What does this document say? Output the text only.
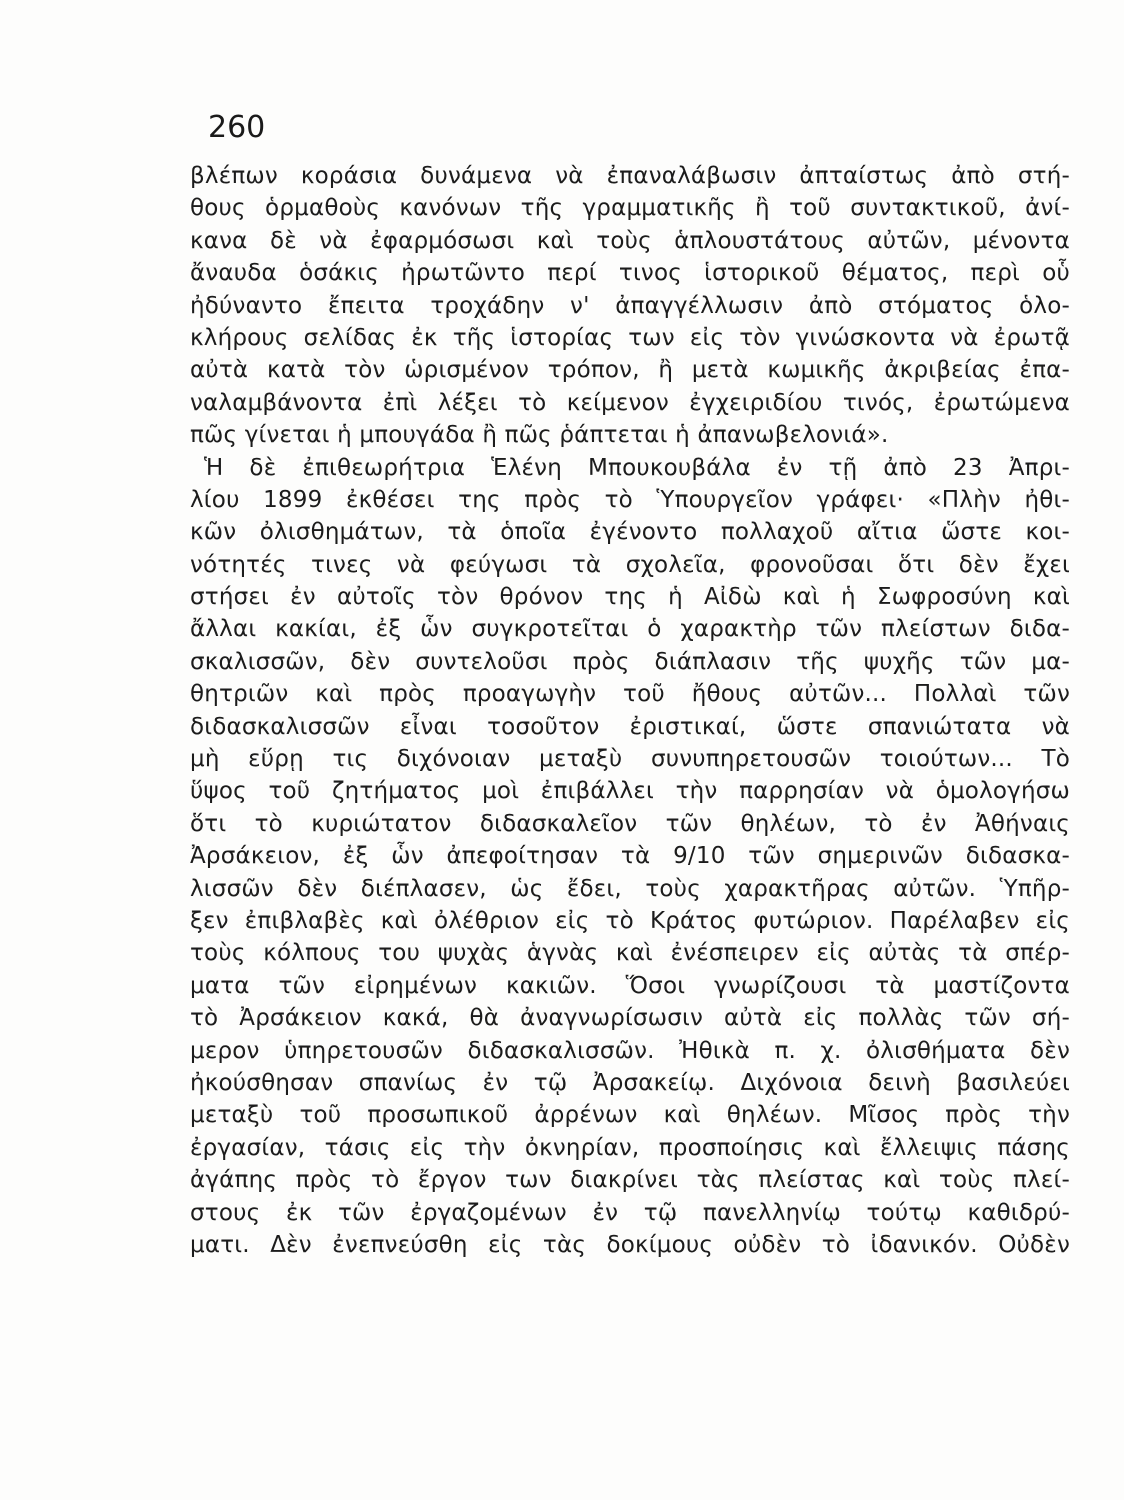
260
βλέπων κοράσια δυνάμενα νὰ ἐπαναλάβωσιν ἀπταίστως ἀπὸ στή-
θους ὁρμαθοὺς κανόνων τῆς γραμματικῆς ἢ τοῦ συντακτικοῦ, ἀνί-
κανα δὲ νὰ ἐφαρμόσωσι καὶ τοὺς ἁπλουστάτους αὐτῶν, μένοντα
ἄναυδα ὁσάκις ἠρωτῶντο περί τινος ἱστορικοῦ θέματος, περὶ οὗ
ἠδύναντο ἔπειτα τροχάδην ν' ἀπαγγέλλωσιν ἀπὸ στόματος ὁλο-
κλήρους σελίδας ἐκ τῆς ἱστορίας των εἰς τὸν γινώσκοντα νὰ ἐρωτᾷ
αὐτὰ κατὰ τὸν ὡρισμένον τρόπον, ἢ μετὰ κωμικῆς ἀκριβείας ἐπα-
ναλαμβάνοντα ἐπὶ λέξει τὸ κείμενον ἐγχειριδίου τινός, ἐρωτώμενα
πῶς γίνεται ἡ μπουγάδα ἢ πῶς ῥάπτεται ἡ ἀπανωβελονιά».
Ἡ δὲ ἐπιθεωρήτρια Ἑλένη Μπουκουβάλα ἐν τῇ ἀπὸ 23 Ἀπρι-
λίου 1899 ἐκθέσει της πρὸς τὸ Ὑπουργεῖον γράφει· «Πλὴν ἠθι-
κῶν ὀλισθημάτων, τὰ ὁποῖα ἐγένοντο πολλαχοῦ αἴτια ὥστε κοι-
νότητές τινες νὰ φεύγωσι τὰ σχολεῖα, φρονοῦσαι ὅτι δὲν ἔχει
στήσει ἐν αὐτοῖς τὸν θρόνον της ἡ Αἰδὼ καὶ ἡ Σωφροσύνη καὶ
ἄλλαι κακίαι, ἐξ ὧν συγκροτεῖται ὁ χαρακτὴρ τῶν πλείστων διδα-
σκαλισσῶν, δὲν συντελοῦσι πρὸς διάπλασιν τῆς ψυχῆς τῶν μα-
θητριῶν καὶ πρὸς προαγωγὴν τοῦ ἤθους αὐτῶν... Πολλαὶ τῶν
διδασκαλισσῶν εἶναι τοσοῦτον ἐριστικαί, ὥστε σπανιώτατα νὰ
μὴ εὕρῃ τις διχόνοιαν μεταξὺ συνυπηρετουσῶν τοιούτων... Τὸ
ὕψος τοῦ ζητήματος μοὶ ἐπιβάλλει τὴν παρρησίαν νὰ ὁμολογήσω
ὅτι τὸ κυριώτατον διδασκαλεῖον τῶν θηλέων, τὸ ἐν Ἀθήναις
Ἀρσάκειον, ἐξ ὧν ἀπεφοίτησαν τὰ 9/10 τῶν σημερινῶν διδασκα-
λισσῶν δὲν διέπλασεν, ὡς ἔδει, τοὺς χαρακτῆρας αὐτῶν. Ὑπῆρ-
ξεν ἐπιβλαβὲς καὶ ὀλέθριον εἰς τὸ Κράτος φυτώριον. Παρέλαβεν εἰς
τοὺς κόλπους του ψυχὰς ἁγνὰς καὶ ἐνέσπειρεν εἰς αὐτὰς τὰ σπέρ-
ματα τῶν εἰρημένων κακιῶν. Ὅσοι γνωρίζουσι τὰ μαστίζοντα
τὸ Ἀρσάκειον κακά, θὰ ἀναγνωρίσωσιν αὐτὰ εἰς πολλὰς τῶν σή-
μερον ὑπηρετουσῶν διδασκαλισσῶν. Ἠθικὰ π. χ. ὀλισθήματα δὲν
ἠκούσθησαν σπανίως ἐν τῷ Ἀρσακείῳ. Διχόνοια δεινὴ βασιλεύει
μεταξὺ τοῦ προσωπικοῦ ἀρρένων καὶ θηλέων. Μῖσος πρὸς τὴν
ἐργασίαν, τάσις εἰς τὴν ὀκνηρίαν, προσποίησις καὶ ἔλλειψις πάσης
ἀγάπης πρὸς τὸ ἔργον των διακρίνει τὰς πλείστας καὶ τοὺς πλεί-
στους ἐκ τῶν ἐργαζομένων ἐν τῷ πανελληνίῳ τούτῳ καθιδρύ-
ματι. Δὲν ἐνεπνεύσθη εἰς τὰς δοκίμους οὐδὲν τὸ ἰδανικόν. Οὐδὲν
